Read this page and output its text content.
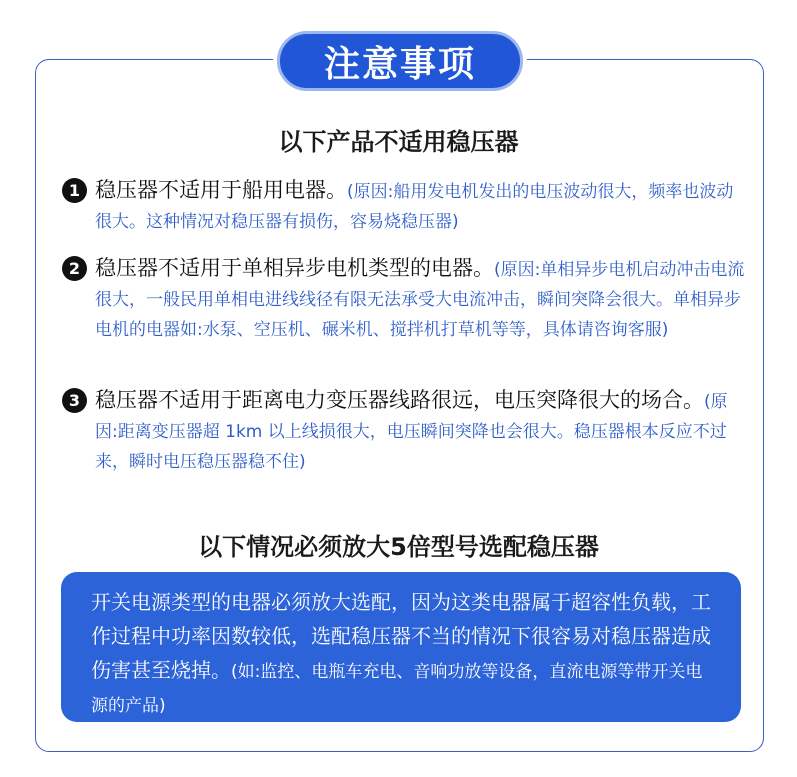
注意事项
以下产品不适用稳压器
1 稳压器不适用于船用电器。(原因:船用发电机发出的电压波动很大，频率也波动很大。这种情况对稳压器有损伤，容易烧稳压器)
2 稳压器不适用于单相异步电机类型的电器。(原因:单相异步电机启动冲击电流很大，一般民用单相电进线线径有限无法承受大电流冲击，瞬间突降会很大。单相异步电机的电器如:水泵、空压机、碾米机、搅拌机打草机等等，具体请咨询客服)
3 稳压器不适用于距离电力变压器线路很远，电压突降很大的场合。(原因:距离变压器超 1km 以上线损很大，电压瞬间突降也会很大。稳压器根本反应不过来，瞬时电压稳压器稳不住)
以下情况必须放大5倍型号选配稳压器
开关电源类型的电器必须放大选配，因为这类电器属于超容性负载，工作过程中功率因数较低，选配稳压器不当的情况下很容易对稳压器造成伤害甚至烧掉。(如:监控、电瓶车充电、音响功放等设备，直流电源等带开关电源的产品)
